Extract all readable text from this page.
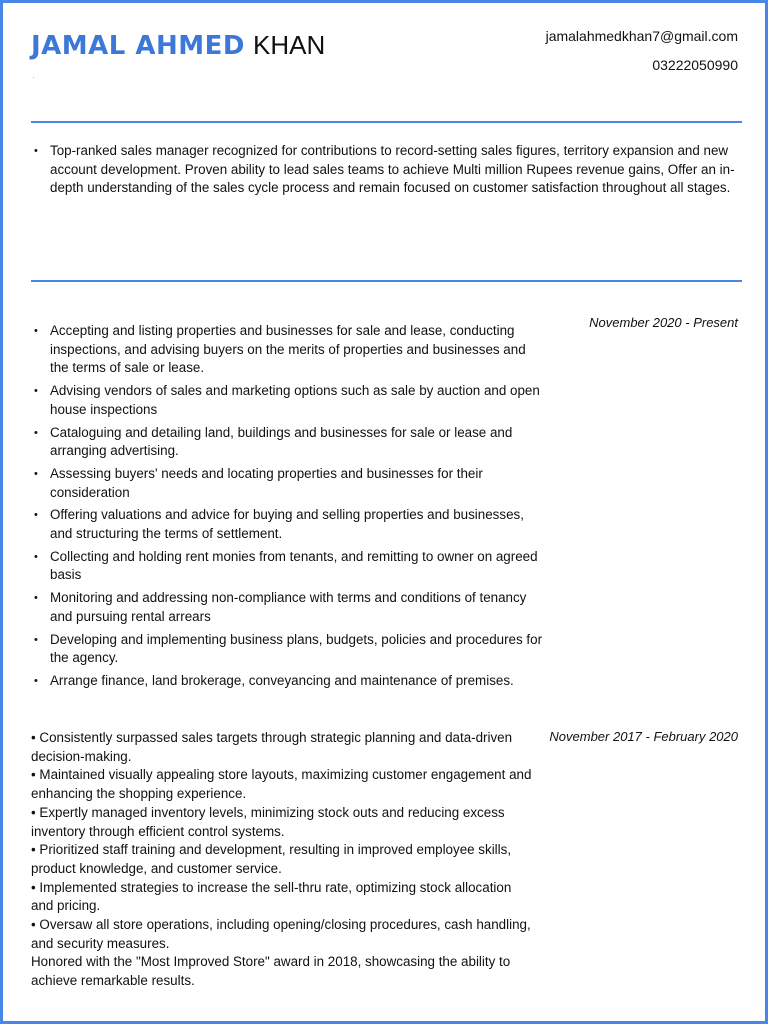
JAMAL AHMED KHAN	jamalahmedkhan7@gmail.com
03222050990
• Top-ranked sales manager recognized for contributions to record-setting sales figures, territory expansion and new account development. Proven ability to lead sales teams to achieve Multi million Rupees revenue gains, Offer an in-depth understanding of the sales cycle process and remain focused on customer satisfaction throughout all stages.
November 2020 - Present
• Accepting and listing properties and businesses for sale and lease, conducting inspections, and advising buyers on the merits of properties and businesses and the terms of sale or lease.
• Advising vendors of sales and marketing options such as sale by auction and open house inspections
• Cataloguing and detailing land, buildings and businesses for sale or lease and arranging advertising.
• Assessing buyers' needs and locating properties and businesses for their consideration
• Offering valuations and advice for buying and selling properties and businesses, and structuring the terms of settlement.
• Collecting and holding rent monies from tenants, and remitting to owner on agreed basis
• Monitoring and addressing non-compliance with terms and conditions of tenancy and pursuing rental arrears
• Developing and implementing business plans, budgets, policies and procedures for the agency.
• Arrange finance, land brokerage, conveyancing and maintenance of premises.
November 2017 - February 2020

• Consistently surpassed sales targets through strategic planning and data-driven decision-making.

• Maintained visually appealing store layouts, maximizing customer engagement and enhancing the shopping experience.

• Expertly managed inventory levels, minimizing stock outs and reducing excess inventory through efficient control systems.

• Prioritized staff training and development, resulting in improved employee skills, product knowledge, and customer service.

• Implemented strategies to increase the sell-thru rate, optimizing stock allocation and pricing.

• Oversaw all store operations, including opening/closing procedures, cash handling, and security measures.

Honored with the "Most Improved Store" award in 2018, showcasing the ability to achieve remarkable results.
